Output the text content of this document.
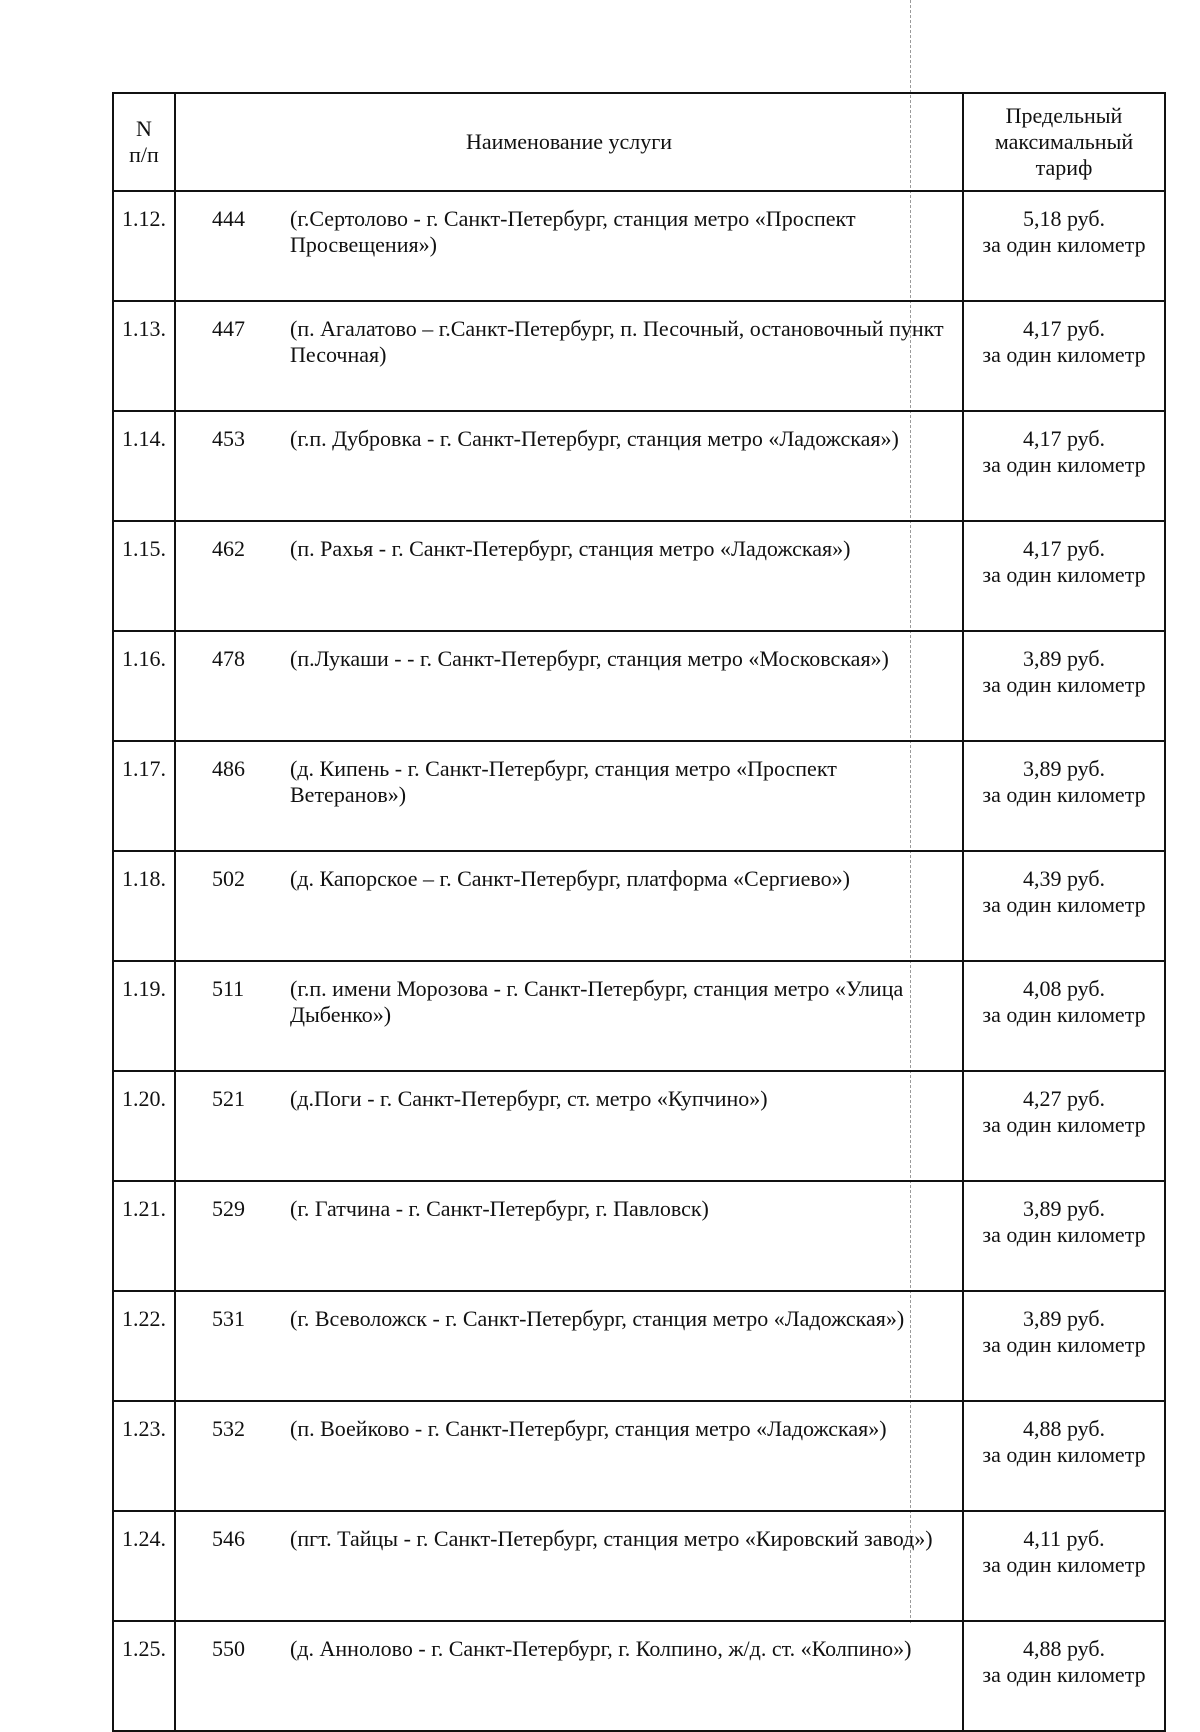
N
п/п	Наименование услуги	Предельный
максимальный
тариф

1.12.	444 (г.Сертолово - г. Санкт-Петербург, станция метро «Проспект Просвещения»)	5,18 руб.
за один километр

1.13.	447 (п. Агалатово – г.Санкт-Петербург, п. Песочный, остановочный пункт Песочная)	4,17 руб.
за один километр

1.14.	453 (г.п. Дубровка - г. Санкт-Петербург, станция метро «Ладожская»)	4,17 руб.
за один километр

1.15.	462 (п. Рахья - г. Санкт-Петербург, станция метро «Ладожская»)	4,17 руб.
за один километр

1.16.	478 (п.Лукаши - - г. Санкт-Петербург, станция метро «Московская»)	3,89 руб.
за один километр

1.17.	486 (д. Кипень - г. Санкт-Петербург, станция метро «Проспект Ветеранов»)	3,89 руб.
за один километр

1.18.	502 (д. Капорское – г. Санкт-Петербург, платформа «Сергиево»)	4,39 руб.
за один километр

1.19.	511 (г.п. имени Морозова - г. Санкт-Петербург, станция метро «Улица Дыбенко»)	4,08 руб.
за один километр

1.20.	521 (д.Поги - г. Санкт-Петербург, ст. метро «Купчино»)	4,27 руб.
за один километр

1.21.	529 (г. Гатчина - г. Санкт-Петербург, г. Павловск)	3,89 руб.
за один километр

1.22.	531 (г. Всеволожск - г. Санкт-Петербург, станция метро «Ладожская»)	3,89 руб.
за один километр

1.23.	532 (п. Воейково - г. Санкт-Петербург, станция метро «Ладожская»)	4,88 руб.
за один километр

1.24.	546 (пгт. Тайцы - г. Санкт-Петербург, станция метро «Кировский завод»)	4,11 руб.
за один километр

1.25.	550 (д. Аннолово - г. Санкт-Петербург, г. Колпино, ж/д. ст. «Колпино»)	4,88 руб.
за один километр
